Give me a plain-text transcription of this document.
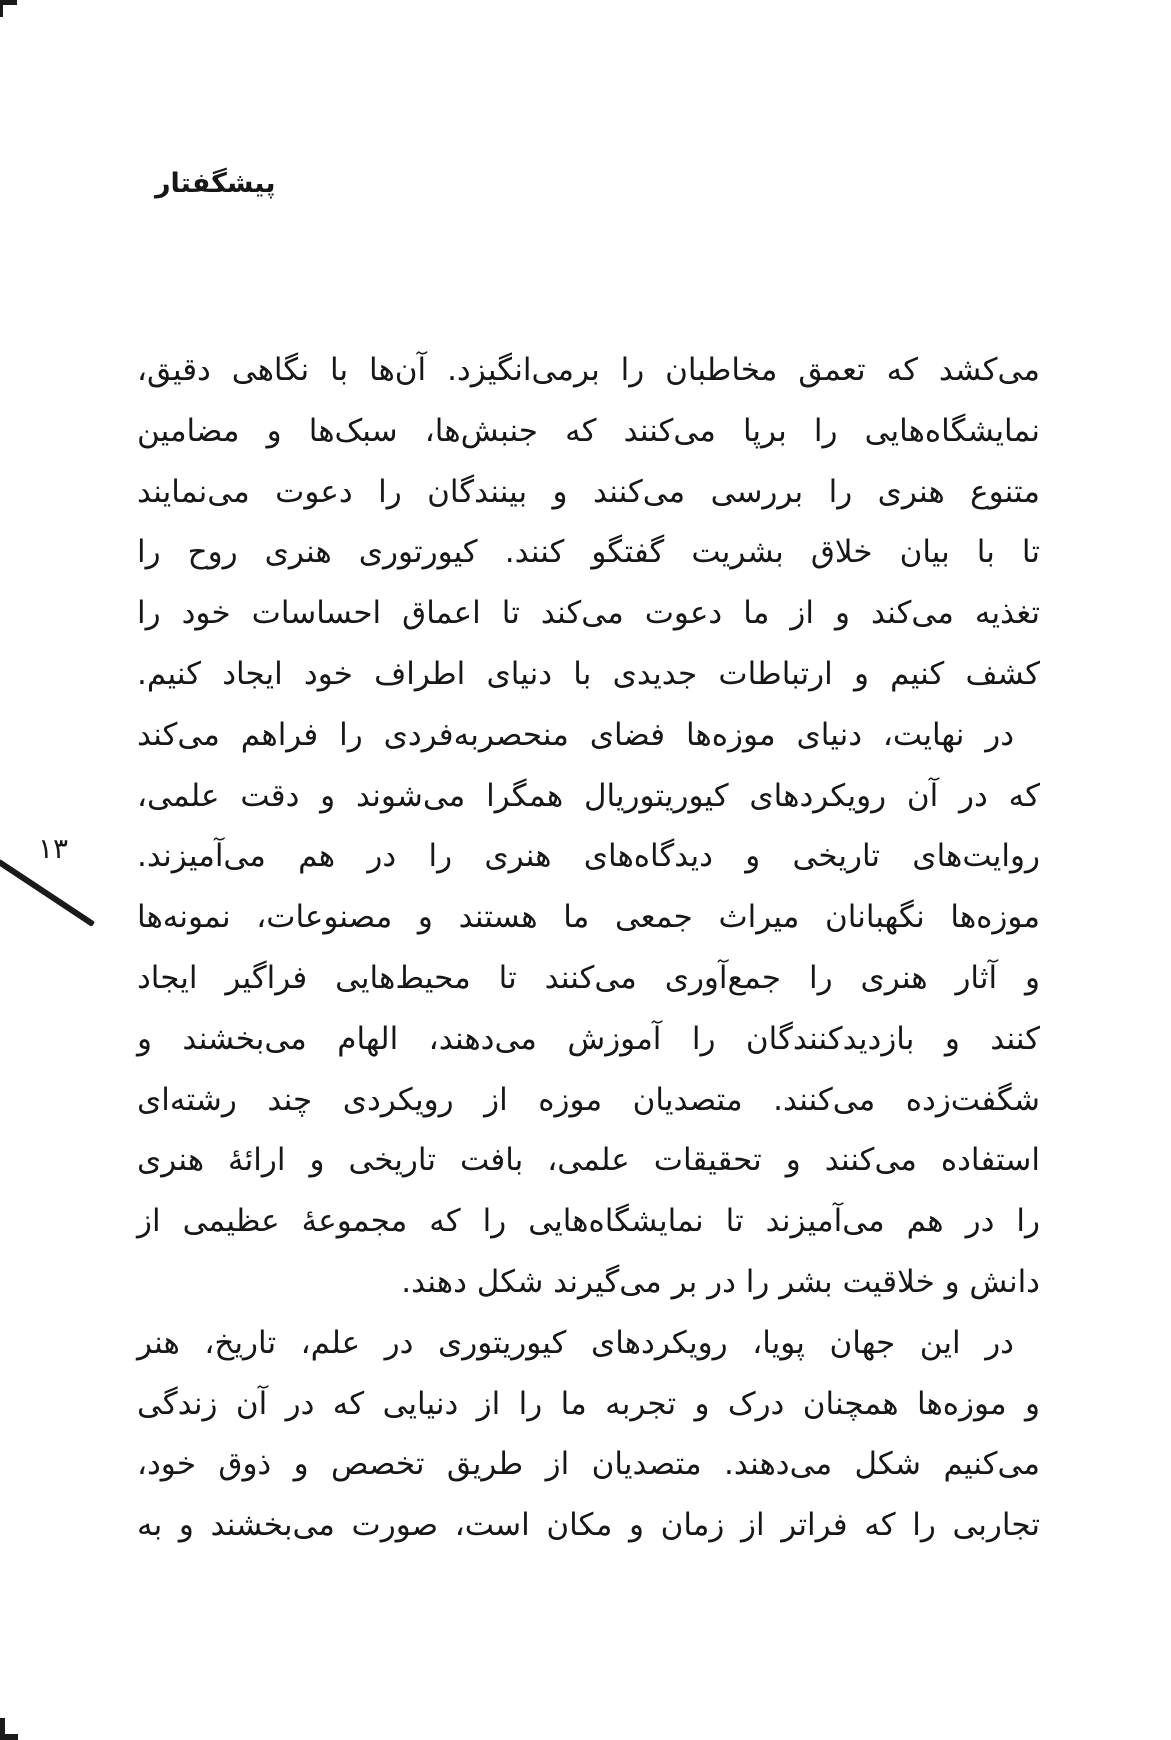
پیشگفتار
۱۳
می‌کشد که تعمق مخاطبان را برمی‌انگیزد. آن‌ها با نگاهی دقیق،
نمایشگاه‌هایی را برپا می‌کنند که جنبش‌ها، سبک‌ها و مضامین
متنوع هنری را بررسی می‌کنند و بینندگان را دعوت می‌نمایند
تا با بیان خلاق بشریت گفتگو کنند. کیورتوری هنری روح را
تغذیه می‌کند و از ما دعوت می‌کند تا اعماق احساسات خود را
کشف کنیم و ارتباطات جدیدی با دنیای اطراف خود ایجاد کنیم.
در نهایت، دنیای موزه‌ها فضای منحصربه‌فردی را فراهم می‌کند
که در آن رویکردهای کیوریتوریال همگرا می‌شوند و دقت علمی،
روایت‌های تاریخی و دیدگاه‌های هنری را در هم می‌آمیزند.
موزه‌ها نگهبانان میراث جمعی ما هستند و مصنوعات، نمونه‌ها
و آثار هنری را جمع‌آوری می‌کنند تا محیط‌هایی فراگیر ایجاد
کنند و بازدیدکنندگان را آموزش می‌دهند، الهام می‌بخشند و
شگفت‌زده می‌کنند. متصدیان موزه از رویکردی چند رشته‌ای
استفاده می‌کنند و تحقیقات علمی، بافت تاریخی و ارائۀ هنری
را در هم می‌آمیزند تا نمایشگاه‌هایی را که مجموعۀ عظیمی از
دانش و خلاقیت بشر را در بر می‌گیرند شکل دهند.
در این جهان پویا، رویکردهای کیوریتوری در علم، تاریخ، هنر
و موزه‌ها همچنان درک و تجربه ما را از دنیایی که در آن زندگی
می‌کنیم شکل می‌دهند. متصدیان از طریق تخصص و ذوق خود،
تجاربی را که فراتر از زمان و مکان است، صورت می‌بخشند و به
